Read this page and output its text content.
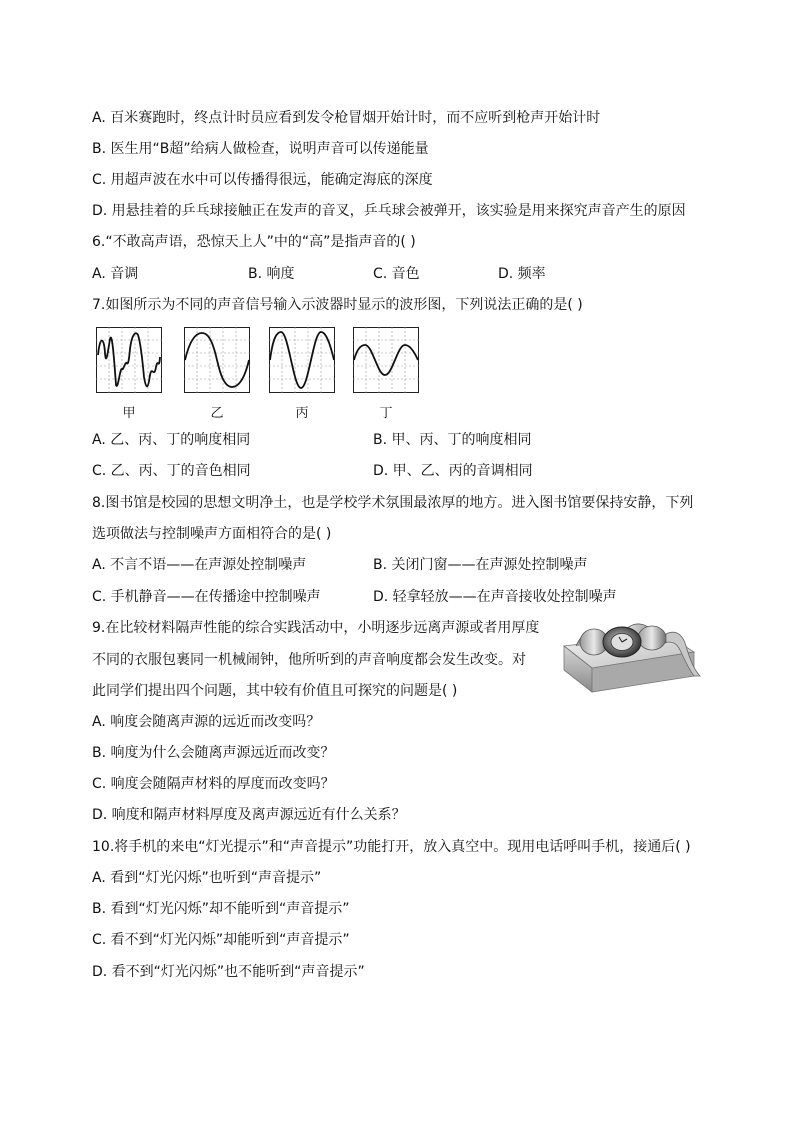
A. 百米赛跑时，终点计时员应看到发令枪冒烟开始计时，而不应听到枪声开始计时
B. 医生用“B超”给病人做检查，说明声音可以传递能量
C. 用超声波在水中可以传播得很远，能确定海底的深度
D. 用悬挂着的乒乓球接触正在发声的音叉，乒乓球会被弹开，该实验是用来探究声音产生的原因
6.“不敢高声语，恐惊天上人”中的“高”是指声音的( )
A. 音调	B. 响度	C. 音色	D. 频率
7.如图所示为不同的声音信号输入示波器时显示的波形图，下列说法正确的是( )
甲	乙	丙	丁
A. 乙、丙、丁的响度相同	B. 甲、丙、丁的响度相同
C. 乙、丙、丁的音色相同	D. 甲、乙、丙的音调相同
8.图书馆是校园的思想文明净土，也是学校学术氛围最浓厚的地方。进入图书馆要保持安静，下列
选项做法与控制噪声方面相符合的是( )
A. 不言不语——在声源处控制噪声	B. 关闭门窗——在声源处控制噪声
C. 手机静音——在传播途中控制噪声	D. 轻拿轻放——在声音接收处控制噪声
9.在比较材料隔声性能的综合实践活动中，小明逐步远离声源或者用厚度
不同的衣服包裹同一机械闹钟，他所听到的声音响度都会发生改变。对
此同学们提出四个问题，其中较有价值且可探究的问题是( )
A. 响度会随离声源的远近而改变吗？
B. 响度为什么会随离声源远近而改变？
C. 响度会随隔声材料的厚度而改变吗？
D. 响度和隔声材料厚度及离声源远近有什么关系？
10.将手机的来电“灯光提示”和“声音提示”功能打开，放入真空中。现用电话呼叫手机，接通后( )
A. 看到“灯光闪烁”也听到“声音提示”
B. 看到“灯光闪烁”却不能听到“声音提示”
C. 看不到“灯光闪烁”却能听到“声音提示”
D. 看不到“灯光闪烁”也不能听到“声音提示”
